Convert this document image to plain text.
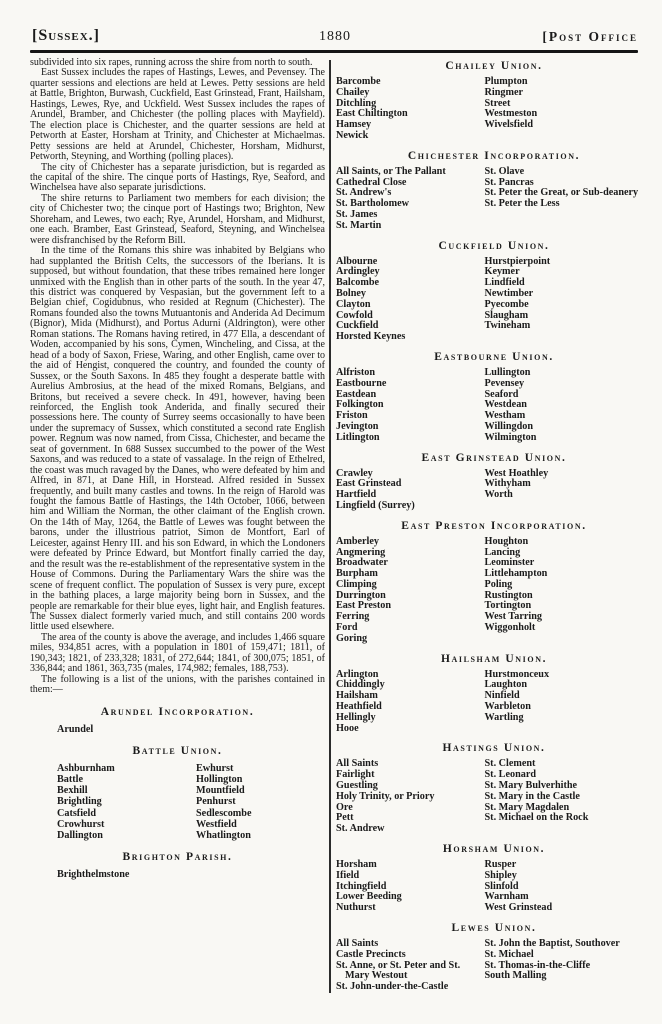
[Sussex.]	1880	[Post Office

subdivided into six rapes, running across the shire from north to south.

East Sussex includes the rapes of Hastings, Lewes, and Pevensey. The quarter sessions and elections are held at Lewes. Petty sessions are held at Battle, Brighton, Burwash, Cuckfield, East Grinstead, Frant, Hailsham, Hastings, Lewes, Rye, and Uckfield. West Sussex includes the rapes of Arundel, Bramber, and Chichester (the polling places with Mayfield). The election place is Chichester, and the quarter sessions are held at Petworth at Easter, Horsham at Trinity, and Chichester at Michaelmas. Petty sessions are held at Arundel, Chichester, Horsham, Midhurst, Petworth, Steyning, and Worthing (polling places).

The city of Chichester has a separate jurisdiction, but is regarded as the capital of the shire. The cinque ports of Hastings, Rye, Seaford, and Winchelsea have also separate jurisdictions.

The shire returns to Parliament two members for each division; the city of Chichester two; the cinque port of Hastings two; Brighton, New Shoreham, and Lewes, two each; Rye, Arundel, Horsham, and Midhurst, one each. Bramber, East Grinstead, Seaford, Steyning, and Winchelsea were disfranchised by the Reform Bill.

In the time of the Romans this shire was inhabited by Belgians who had supplanted the British Celts, the successors of the Iberians. It is supposed, but without foundation, that these tribes remained here longer unmixed with the English than in other parts of the south. In the year 47, this district was conquered by Vespasian, but the government left to a Belgian chief, Cogidubnus, who resided at Regnum (Chichester). The Romans founded also the towns Mutuantonis and Anderida Ad Decimum (Bignor), Mida (Midhurst), and Portus Adurni (Aldrington), were other Roman stations. The Romans having retired, in 477 Ella, a descendant of Woden, accompanied by his sons, Cymen, Wincheling, and Cissa, at the head of a body of Saxon, Friese, Waring, and other English, came over to the aid of Hengist, conquered the country, and founded the county of Sussex, or the South Saxons. In 485 they fought a desperate battle with Aurelius Ambrosius, at the head of the mixed Romans, Belgians, and Britons, but received a severe check. In 491, however, having been reinforced, the English took Anderida, and finally secured their possessions here. The county of Surrey seems occasionally to have been under the supremacy of Sussex, which constituted a second rate English power. Regnum was now named, from Cissa, Chichester, and became the seat of government. In 688 Sussex succumbed to the power of the West Saxons, and was reduced to a state of vassalage. In the reign of Ethelred, the coast was much ravaged by the Danes, who were defeated by him and Alfred, in 871, at Dane Hill, in Horstead. Alfred resided in Sussex frequently, and built many castles and towns. In the reign of Harold was fought the famous Battle of Hastings, the 14th October, 1066, between him and William the Norman, the other claimant of the English crown. On the 14th of May, 1264, the Battle of Lewes was fought between the barons, under the illustrious patriot, Simon de Montfort, Earl of Leicester, against Henry III. and his son Edward, in which the Londoners were defeated by Prince Edward, but Montfort finally carried the day, and the result was the re-establishment of the representative system in the House of Commons. During the Parliamentary Wars the shire was the scene of frequent conflict. The population of Sussex is very pure, except in the bathing places, a large majority being born in Sussex, and the people are remarkable for their blue eyes, light hair, and English features. The Sussex dialect formerly varied much, and still contains 200 words little used elsewhere.

The area of the county is above the average, and includes 1,466 square miles, 934,851 acres, with a population in 1801 of 159,471; 1811, of 190,343; 1821, of 233,328; 1831, of 272,644; 1841, of 300,075; 1851, of 336,844; and 1861, 363,735 (males, 174,982; females, 188,753).

The following is a list of the unions, with the parishes contained in them:—

Arundel Incorporation.
Arundel
Battle Union.
Ashburnham
Battle
Bexhill
Brightling
Catsfield
Crowhurst
Dallington
Ewhurst
Hollington
Mountfield
Penhurst
Sedlescombe
Westfield
Whatlington
Brighton Parish.
Brighthelmstone
Chailey Union.
Barcombe
Chailey
Ditchling
East Chiltington
Hamsey
Newick
Plumpton
Ringmer
Street
Westmeston
Wivelsfield
Chichester Incorporation.
All Saints, or The Pallant
Cathedral Close
St. Andrew's
St. Bartholomew
St. James
St. Martin
St. Olave
St. Pancras
St. Peter the Great, or Sub-deanery
St. Peter the Less
Cuckfield Union.
Albourne
Ardingley
Balcombe
Bolney
Clayton
Cowfold
Cuckfield
Horsted Keynes
Hurstpierpoint
Keymer
Lindfield
Newtimber
Pyecombe
Slaugham
Twineham
Eastbourne Union.
Alfriston
Eastbourne
Eastdean
Folkington
Friston
Jevington
Litlington
Lullington
Pevensey
Seaford
Westdean
Westham
Willingdon
Wilmington
East Grinstead Union.
Crawley
East Grinstead
Hartfield
Lingfield (Surrey)
West Hoathley
Withyham
Worth
East Preston Incorporation.
Amberley
Angmering
Broadwater
Burpham
Climping
Durrington
East Preston
Ferring
Ford
Goring
Houghton
Lancing
Leominster
Littlehampton
Poling
Rustington
Tortington
West Tarring
Wiggonholt
Hailsham Union.
Arlington
Chiddingly
Hailsham
Heathfield
Hellingly
Hooe
Hurstmonceux
Laughton
Ninfield
Warbleton
Wartling
Hastings Union.
All Saints
Fairlight
Guestling
Holy Trinity, or Priory
Ore
Pett
St. Andrew
St. Clement
St. Leonard
St. Mary Bulverhithe
St. Mary in the Castle
St. Mary Magdalen
St. Michael on the Rock
Horsham Union.
Horsham
Ifield
Itchingfield
Lower Beeding
Nuthurst
Rusper
Shipley
Slinfold
Warnham
West Grinstead
Lewes Union.
All Saints
Castle Precincts
St. Anne, or St. Peter and St. Mary Westout
St. John-under-the-Castle
St. John the Baptist, Southover
St. Michael
St. Thomas-in-the-Cliffe
South Malling
